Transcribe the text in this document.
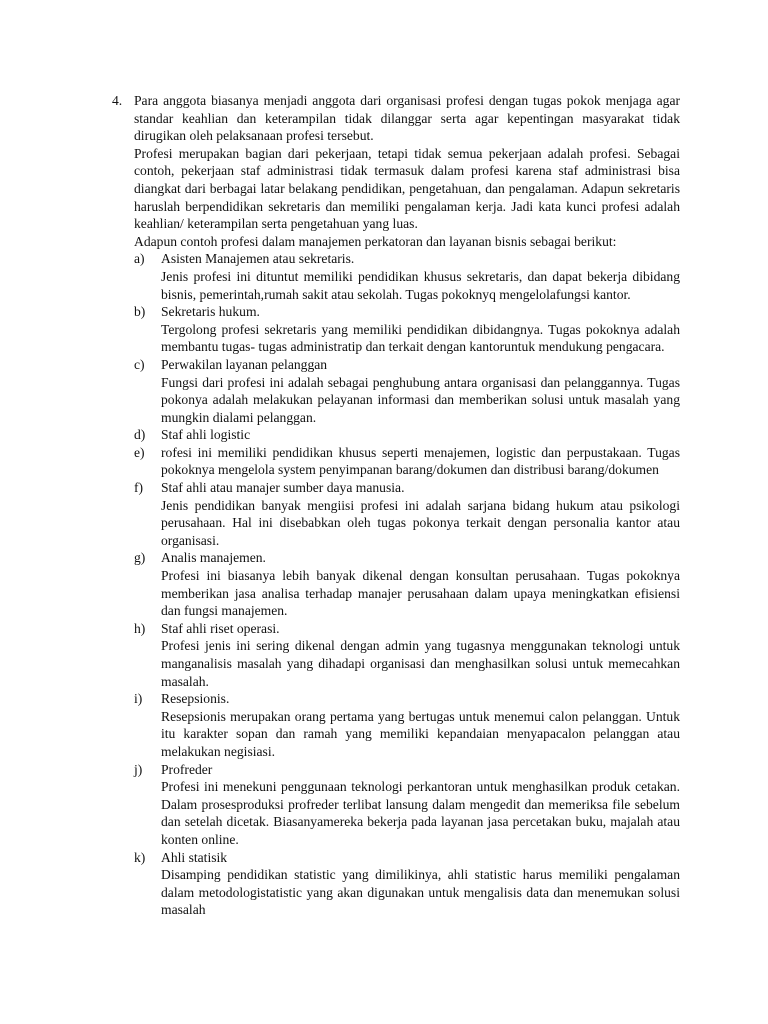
4. Para anggota biasanya menjadi anggota dari organisasi profesi dengan tugas pokok menjaga agar standar keahlian dan keterampilan tidak dilanggar serta agar kepentingan masyarakat tidak dirugikan oleh pelaksanaan profesi tersebut.

Profesi merupakan bagian dari pekerjaan, tetapi tidak semua pekerjaan adalah profesi. Sebagai contoh, pekerjaan staf administrasi tidak termasuk dalam profesi karena staf administrasi bisa diangkat dari berbagai latar belakang pendidikan, pengetahuan, dan pengalaman. Adapun sekretaris haruslah berpendidikan sekretaris dan memiliki pengalaman kerja. Jadi kata kunci profesi adalah keahlian/ keterampilan serta pengetahuan yang luas.

Adapun contoh profesi dalam manajemen perkatoran dan layanan bisnis sebagai berikut:

a)	Asisten Manajemen atau sekretaris.

Jenis profesi ini dituntut memiliki pendidikan khusus sekretaris, dan dapat bekerja dibidang bisnis, pemerintah,rumah sakit atau sekolah. Tugas pokoknyq mengelolafungsi kantor.

b)	Sekretaris hukum.

Tergolong profesi sekretaris yang memiliki pendidikan dibidangnya. Tugas pokoknya adalah membantu tugas- tugas administratip dan terkait dengan kantoruntuk mendukung pengacara.

c)	Perwakilan layanan pelanggan

Fungsi dari profesi ini adalah sebagai penghubung antara organisasi dan pelanggannya. Tugas pokonya adalah melakukan pelayanan informasi dan memberikan solusi untuk masalah yang mungkin dialami pelanggan.

d)	Staf ahli logistic

e)	rofesi ini memiliki pendidikan khusus seperti menajemen, logistic dan perpustakaan. Tugas pokoknya mengelola system penyimpanan barang/dokumen dan distribusi barang/dokumen

f)	Staf ahli atau manajer sumber daya manusia.

Jenis pendidikan banyak mengiisi profesi ini adalah sarjana bidang hukum atau psikologi perusahaan. Hal ini disebabkan oleh tugas pokonya terkait dengan personalia kantor atau organisasi.

g)	Analis manajemen.

Profesi ini biasanya lebih banyak dikenal dengan konsultan perusahaan. Tugas pokoknya memberikan jasa analisa terhadap manajer perusahaan dalam upaya meningkatkan efisiensi dan fungsi manajemen.

h)	Staf ahli riset operasi.

Profesi jenis ini sering dikenal dengan admin yang tugasnya menggunakan teknologi untuk manganalisis masalah yang dihadapi organisasi dan menghasilkan solusi untuk memecahkan masalah.

i)	Resepsionis.

Resepsionis merupakan orang pertama yang bertugas untuk menemui calon pelanggan. Untuk itu karakter sopan dan ramah yang memiliki kepandaian menyapacalon pelanggan atau melakukan negisiasi.

j)	Profreder

Profesi ini menekuni penggunaan teknologi perkantoran untuk menghasilkan produk cetakan. Dalam prosesproduksi profreder terlibat lansung dalam mengedit dan memeriksa file sebelum dan setelah dicetak. Biasanyamereka bekerja pada layanan jasa percetakan buku, majalah atau konten online.

k)	Ahli statisik

Disamping pendidikan statistic yang dimilikinya, ahli statistic harus memiliki pengalaman dalam metodologistatistic yang akan digunakan untuk mengalisis data dan menemukan solusi masalah
